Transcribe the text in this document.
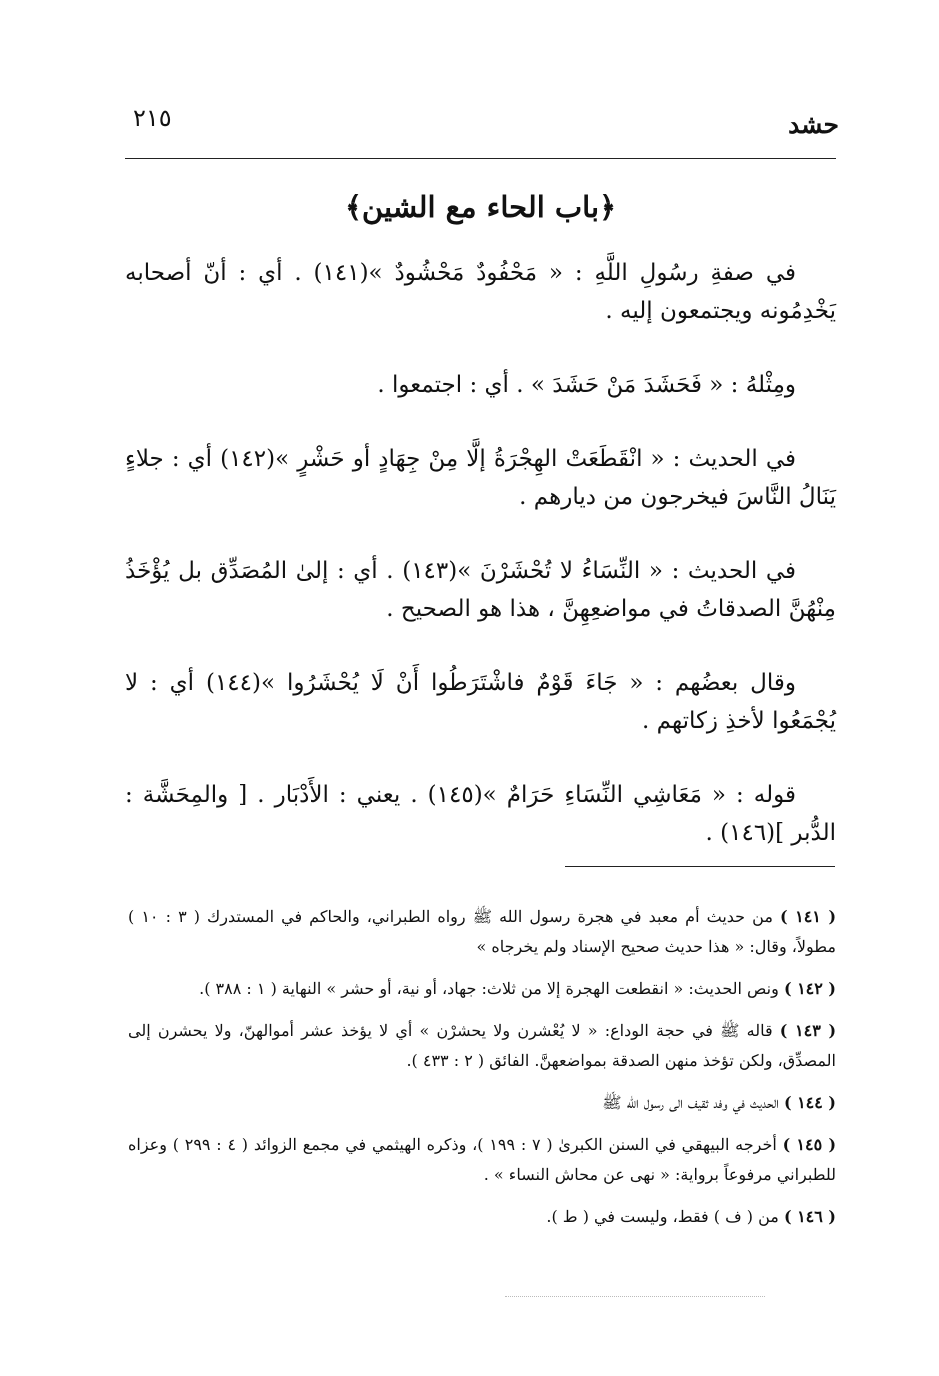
حشد
٢١٥
﴿باب الحاء مع الشين﴾

في صفةِ رسُولِ اللَّهِ : « مَحْفُودٌ مَحْشُودٌ »(١٤١) . أي : أنّ أصحابه يَخْدِمُونه ويجتمعون إليه .

ومِثْلهُ : « فَحَشَدَ مَنْ حَشَدَ » . أي : اجتمعوا .

في الحديث : « انْقَطَعَتْ الهِجْرَةُ إلَّا مِنْ جِهَادٍ أو حَشْرٍ »(١٤٢) أي : جلاءٍ يَنَالُ النَّاسَ فيخرجون من ديارهم .

في الحديث : « النِّسَاءُ لا تُحْشَرْنَ »(١٤٣) . أي : إلىٰ المُصَدِّق بل يُؤْخَذُ مِنْهُنَّ الصدقاتُ في مواضعِهِنَّ ، هذا هو الصحيح .

وقال بعضُهم : « جَاءَ قَوْمٌ فاشْتَرَطُوا أَنْ لَا يُحْشَرُوا »(١٤٤) أي : لا يُجْمَعُوا لأخذِ زكاتهم .

قوله : « مَعَاشِي النِّسَاءِ حَرَامٌ »(١٤٥) . يعني : الأَدْبَار . [ والمِحَشَّة : الدُّبر ](١٤٦) .

( ١٤١ ) من حديث أم معبد في هجرة رسول الله ﷺ رواه الطبراني، والحاكم في المستدرك ( ٣ : ١٠ ) مطولاً، وقال: « هذا حديث صحيح الإسناد ولم يخرجاه »

( ١٤٢ ) ونص الحديث: « انقطعت الهجرة إلا من ثلاث: جهاد، أو نية، أو حشر » النهاية ( ١ : ٣٨٨ ).

( ١٤٣ ) قاله ﷺ في حجة الوداع: « لا يُعْشرن ولا يحشرْن » أي لا يؤخذ عشر أموالهنّ، ولا يحشرن إلى المصدِّق، ولكن تؤخذ منهن الصدقة بمواضعهنَّ. الفائق ( ٢ : ٤٣٣ ).

( ١٤٤ ) الحديث في وفد ثقيف الى رسول الله ﷺ

( ١٤٥ ) أخرجه البيهقي في السنن الكبرىٰ ( ٧ : ١٩٩ )، وذكره الهيثمي في مجمع الزوائد ( ٤ : ٢٩٩ ) وعزاه للطبراني مرفوعاً برواية: « نهى عن محاش النساء » .

( ١٤٦ ) من ( ف ) فقط، وليست في ( ط ).
